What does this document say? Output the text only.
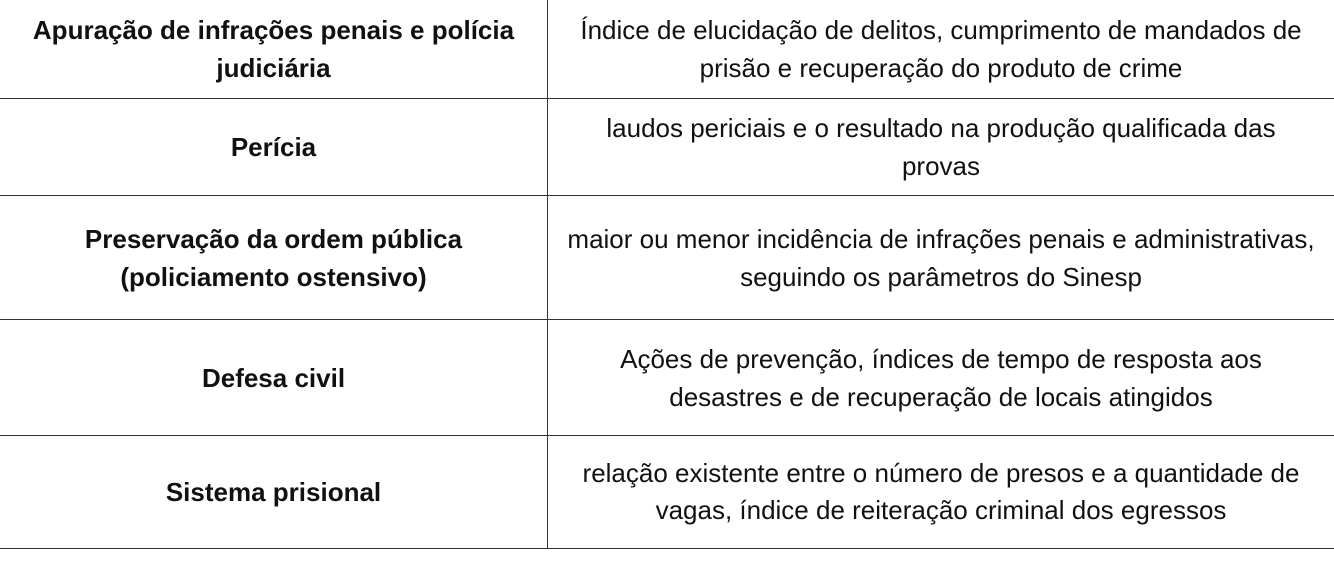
Apuração de infrações penais e polícia judiciária
Índice de elucidação de delitos, cumprimento de mandados de prisão e recuperação do produto de crime
Perícia
laudos periciais e o resultado na produção qualificada das provas
Preservação da ordem pública (policiamento ostensivo)
maior ou menor incidência de infrações penais e administrativas, seguindo os parâmetros do Sinesp
Defesa civil
Ações de prevenção, índices de tempo de resposta aos desastres e de recuperação de locais atingidos
Sistema prisional
relação existente entre o número de presos e a quantidade de vagas, índice de reiteração criminal dos egressos
